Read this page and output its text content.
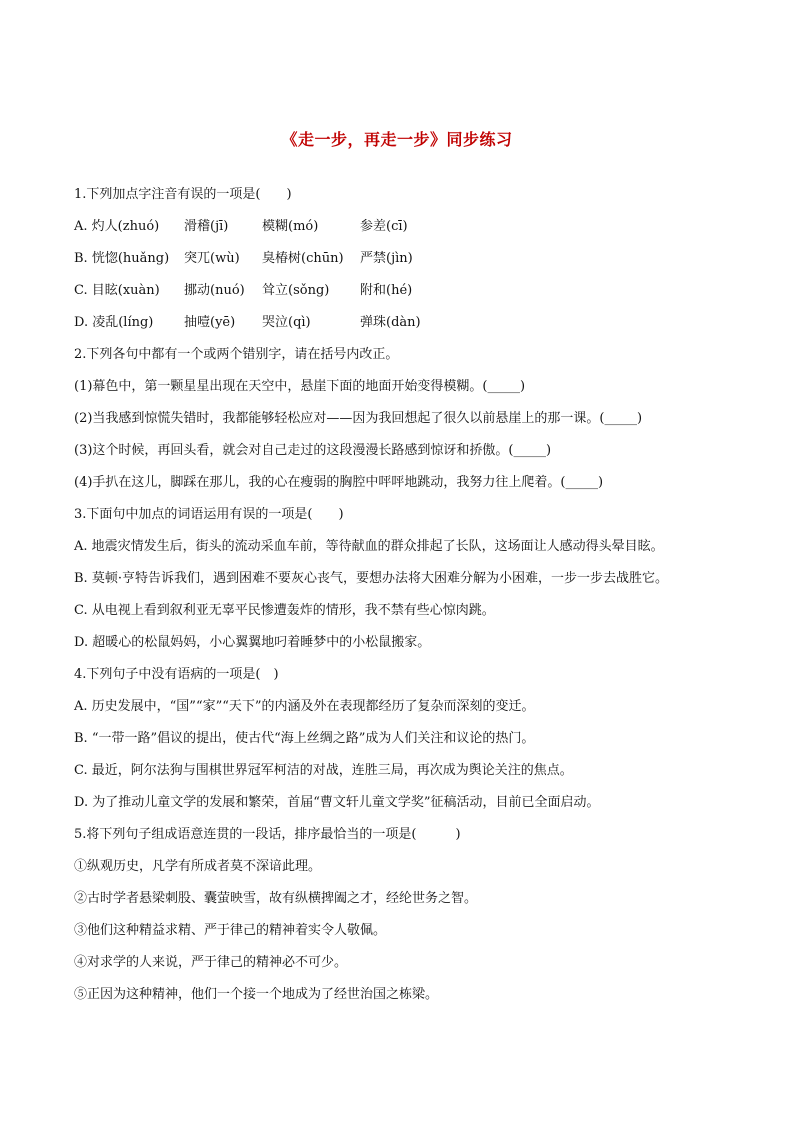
《走一步，再走一步》同步练习
1.下列加点字注音有误的一项是(　　)
A. 灼人(zhuó)	滑稽(jī)	模糊(mó)	参差(cī)
B. 恍惚(huǎng)	突兀(wù)	臭椿树(chūn)	严禁(jìn)
C. 目眩(xuàn)	挪动(nuó)	耸立(sǒng)	附和(hé)
D. 凌乱(líng)	抽噎(yē)	哭泣(qì)	弹珠(dàn)
2.下列各句中都有一个或两个错别字，请在括号内改正。
(1)幕色中，第一颗星星出现在天空中，悬崖下面的地面开始变得模糊。(_____)
(2)当我感到惊慌失错时，我都能够轻松应对——因为我回想起了很久以前悬崖上的那一课。(_____)
(3)这个时候，再回头看，就会对自己走过的这段漫漫长路感到惊讶和挢傲。(_____)
(4)手扒在这儿，脚踩在那儿，我的心在瘦弱的胸腔中呯呯地跳动，我努力往上爬着。(_____)
3.下面句中加点的词语运用有误的一项是(　　)
A. 地震灾情发生后，街头的流动采血车前，等待献血的群众排起了长队，这场面让人感动得头晕目眩。
B. 莫顿·亨特告诉我们，遇到困难不要灰心丧气，要想办法将大困难分解为小困难，一步一步去战胜它。
C. 从电视上看到叙利亚无辜平民惨遭轰炸的情形，我不禁有些心惊肉跳。
D. 超暖心的松鼠妈妈，小心翼翼地叼着睡梦中的小松鼠搬家。
4.下列句子中没有语病的一项是(　)
A. 历史发展中，“国”“家”“天下”的内涵及外在表现都经历了复杂而深刻的变迁。
B. “一带一路”倡议的提出，使古代“海上丝绸之路”成为人们关注和议论的热门。
C. 最近，阿尔法狗与围棋世界冠军柯洁的对战，连胜三局，再次成为舆论关注的焦点。
D. 为了推动儿童文学的发展和繁荣，首届“曹文轩儿童文学奖”征稿活动，目前已全面启动。
5.将下列句子组成语意连贯的一段话，排序最恰当的一项是(　　　)
①纵观历史，凡学有所成者莫不深谙此理。
②古时学者悬梁刺股、囊萤映雪，故有纵横捭阖之才，经纶世务之智。
③他们这种精益求精、严于律己的精神着实令人敬佩。
④对求学的人来说，严于律己的精神必不可少。
⑤正因为这种精神，他们一个接一个地成为了经世治国之栋梁。
